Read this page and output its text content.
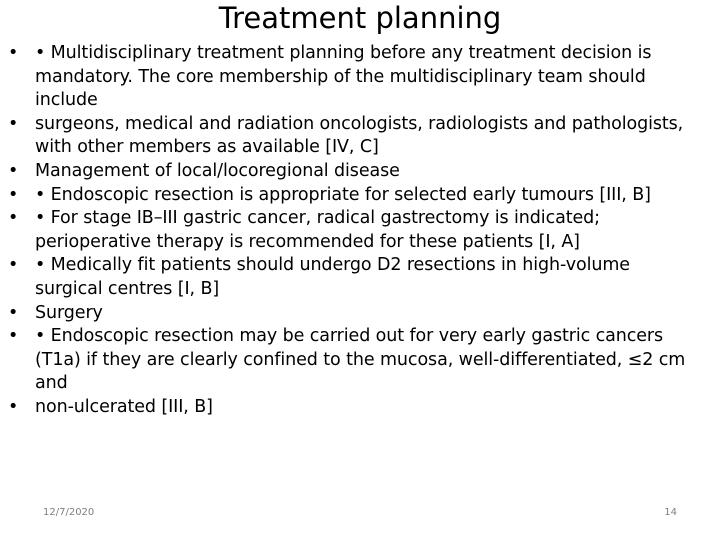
Treatment planning
• • Multidisciplinary treatment planning before any treatment decision is mandatory. The core membership of the multidisciplinary team should include
• surgeons, medical and radiation oncologists, radiologists and pathologists, with other members as available [IV, C]
• Management of local/locoregional disease
• • Endoscopic resection is appropriate for selected early tumours [III, B]
• • For stage IB–III gastric cancer, radical gastrectomy is indicated; perioperative therapy is recommended for these patients [I, A]
• • Medically fit patients should undergo D2 resections in high-volume surgical centres [I, B]
• Surgery
• • Endoscopic resection may be carried out for very early gastric cancers (T1a) if they are clearly confined to the mucosa, well-differentiated, ≤2 cm and
• non-ulcerated [III, B]
12/7/2020	14
